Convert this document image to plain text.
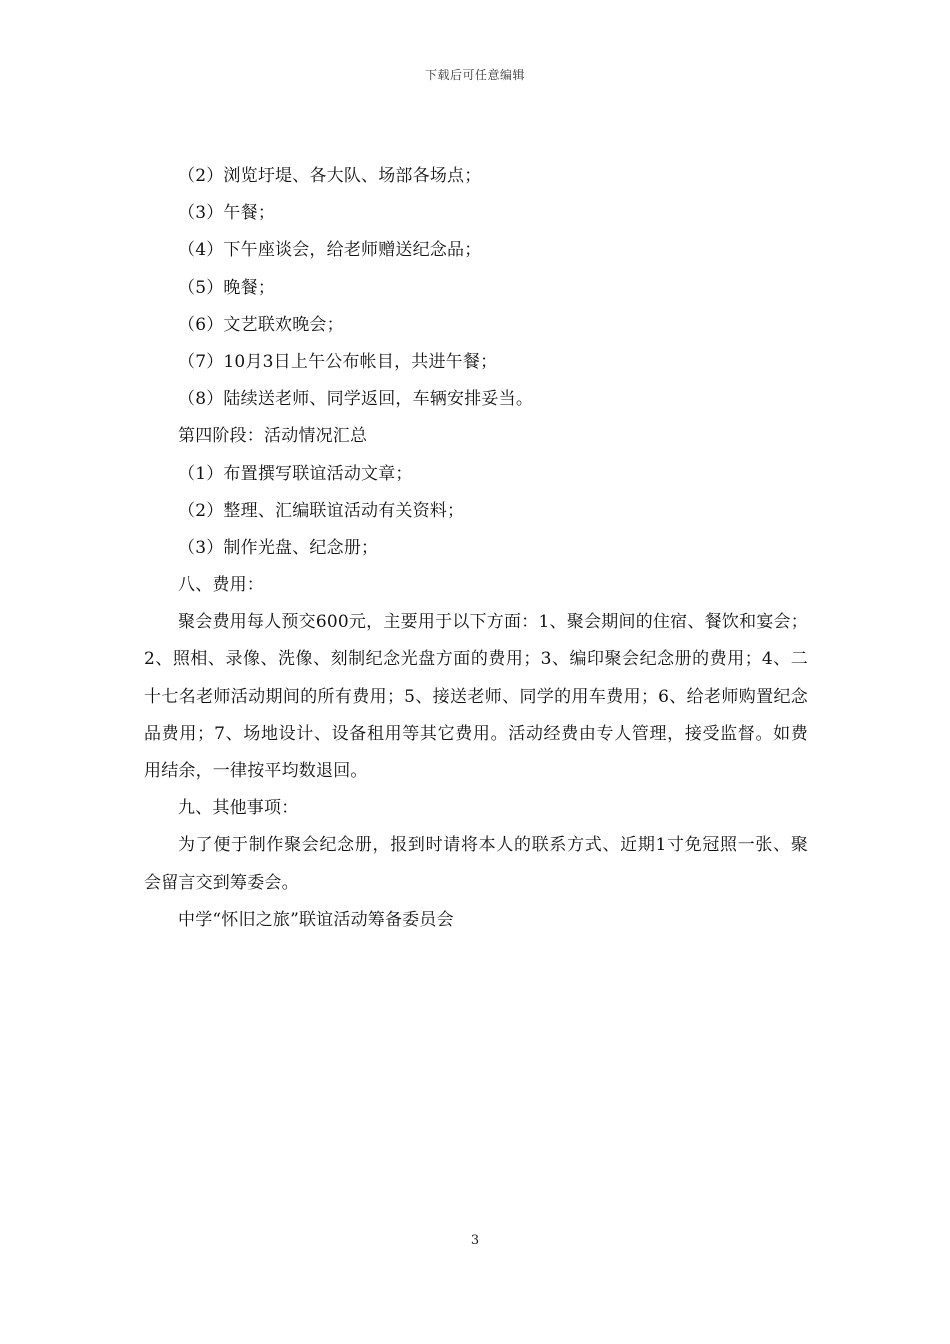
下载后可任意编辑
（2）浏览圩堤、各大队、场部各场点；
（3）午餐；
（4）下午座谈会，给老师赠送纪念品；
（5）晚餐；
（6）文艺联欢晚会；
（7）10月3日上午公布帐目，共进午餐；
（8）陆续送老师、同学返回，车辆安排妥当。
第四阶段：活动情况汇总
（1）布置撰写联谊活动文章；
（2）整理、汇编联谊活动有关资料；
（3）制作光盘、纪念册；
八、费用：
聚会费用每人预交600元，主要用于以下方面：1、聚会期间的住宿、餐饮和宴会；2、照相、录像、洗像、刻制纪念光盘方面的费用；3、编印聚会纪念册的费用；4、二十七名老师活动期间的所有费用；5、接送老师、同学的用车费用；6、给老师购置纪念品费用；7、场地设计、设备租用等其它费用。活动经费由专人管理，接受监督。如费用结余，一律按平均数退回。
九、其他事项：
为了便于制作聚会纪念册，报到时请将本人的联系方式、近期1寸免冠照一张、聚会留言交到筹委会。
中学“怀旧之旅”联谊活动筹备委员会
3
